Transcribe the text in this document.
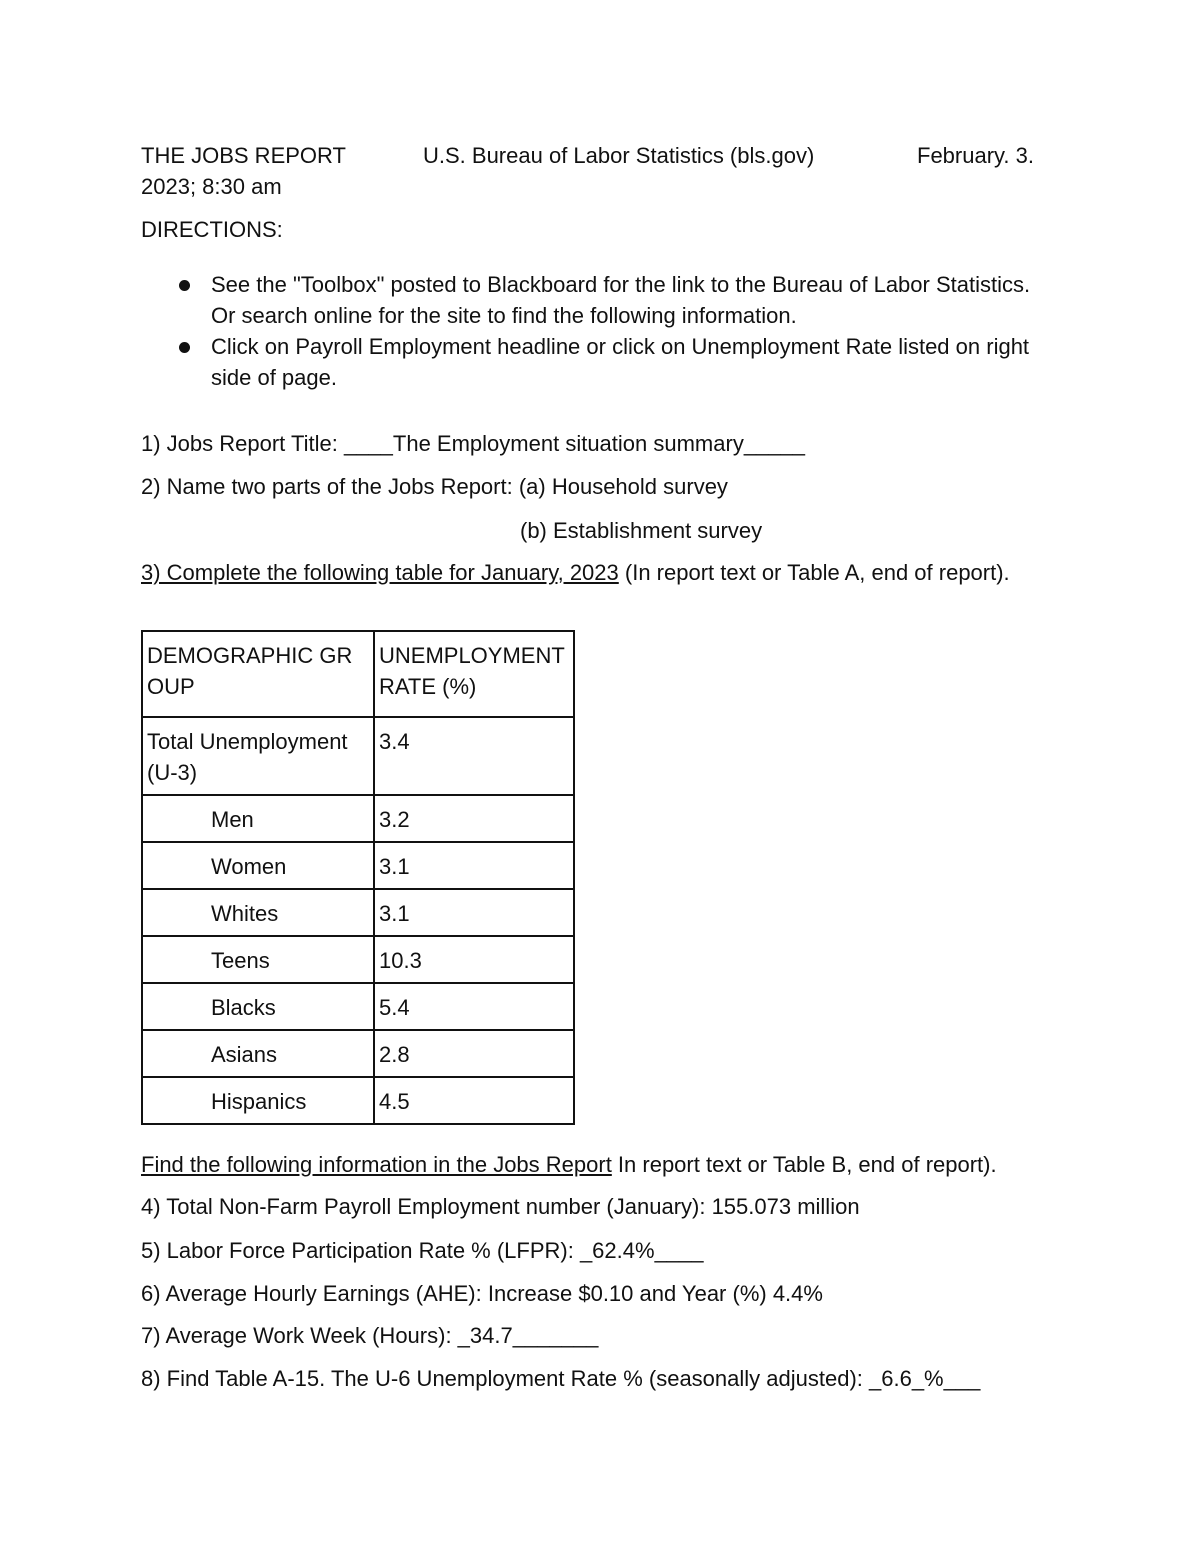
THE JOBS REPORT	U.S. Bureau of Labor Statistics (bls.gov)	February. 3.
2023; 8:30 am
DIRECTIONS:
See the "Toolbox" posted to Blackboard for the link to the Bureau of Labor Statistics. Or search online for the site to find the following information.
Click on Payroll Employment headline or click on Unemployment Rate listed on right side of page.
1) Jobs Report Title: ____The Employment situation summary_____
2) Name two parts of the Jobs Report: (a) Household survey
(b) Establishment survey
3) Complete the following table for January, 2023 (In report text or Table A, end of report).
DEMOGRAPHIC GROUP	UNEMPLOYMENT RATE (%)
Total Unemployment (U-3)	3.4
Men	3.2
Women	3.1
Whites	3.1
Teens	10.3
Blacks	5.4
Asians	2.8
Hispanics	4.5
Find the following information in the Jobs Report In report text or Table B, end of report).
4) Total Non-Farm Payroll Employment number (January): 155.073 million
5) Labor Force Participation Rate % (LFPR): _62.4%____
6) Average Hourly Earnings (AHE): Increase $0.10 and Year (%) 4.4%
7) Average Work Week (Hours): _34.7_______
8) Find Table A-15. The U-6 Unemployment Rate % (seasonally adjusted): _6.6_%___
